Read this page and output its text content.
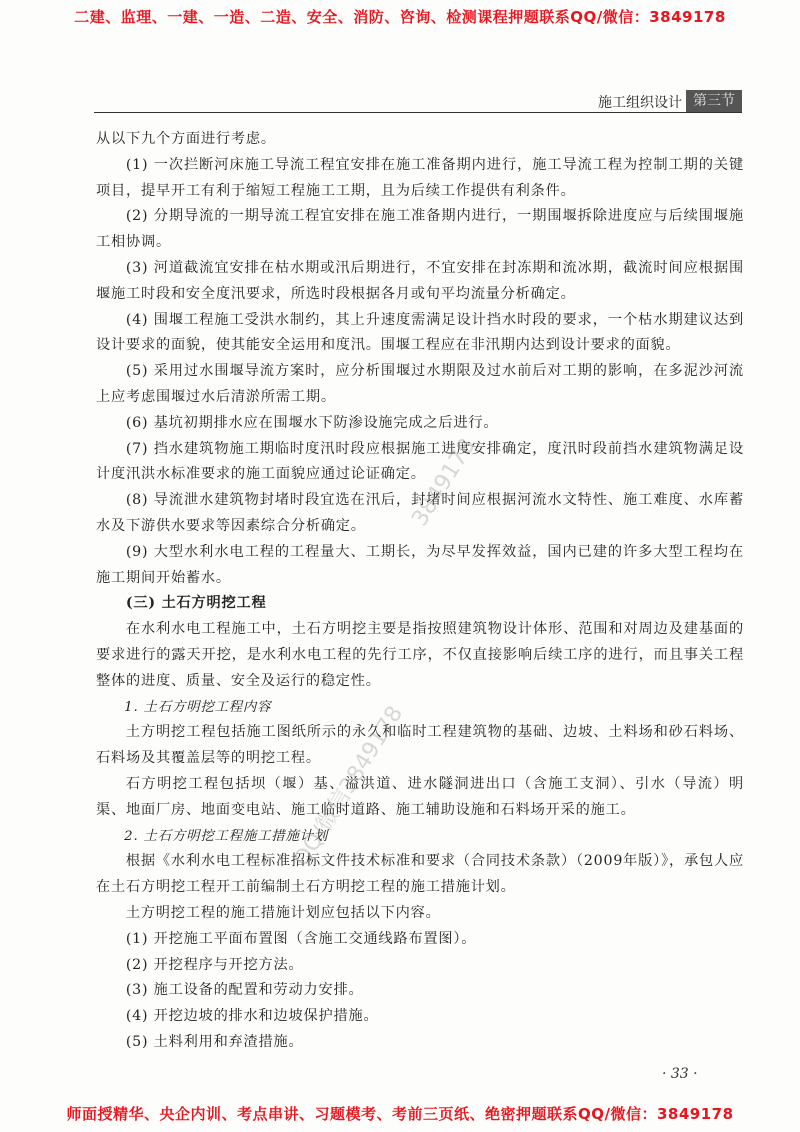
二建、监理、一建、一造、二造、安全、消防、咨询、检测课程押题联系QQ/微信：3849178
施工组织设计 第三节

从以下九个方面进行考虑。

(1) 一次拦断河床施工导流工程宜安排在施工准备期内进行，施工导流工程为控制工期的关键项目，提早开工有利于缩短工程施工工期，且为后续工作提供有利条件。

(2) 分期导流的一期导流工程宜安排在施工准备期内进行，一期围堰拆除进度应与后续围堰施工相协调。

(3) 河道截流宜安排在枯水期或汛后期进行，不宜安排在封冻期和流冰期，截流时间应根据围堰施工时段和安全度汛要求，所选时段根据各月或旬平均流量分析确定。

(4) 围堰工程施工受洪水制约，其上升速度需满足设计挡水时段的要求，一个枯水期建议达到设计要求的面貌，使其能安全运用和度汛。围堰工程应在非汛期内达到设计要求的面貌。

(5) 采用过水围堰导流方案时，应分析围堰过水期限及过水前后对工期的影响，在多泥沙河流上应考虑围堰过水后清淤所需工期。

(6) 基坑初期排水应在围堰水下防渗设施完成之后进行。

(7) 挡水建筑物施工期临时度汛时段应根据施工进度安排确定，度汛时段前挡水建筑物满足设计度汛洪水标准要求的施工面貌应通过论证确定。

(8) 导流泄水建筑物封堵时段宜选在汛后，封堵时间应根据河流水文特性、施工难度、水库蓄水及下游供水要求等因素综合分析确定。

(9) 大型水利水电工程的工程量大、工期长，为尽早发挥效益，国内已建的许多大型工程均在施工期间开始蓄水。

(三) 土石方明挖工程

在水利水电工程施工中，土石方明挖主要是指按照建筑物设计体形、范围和对周边及建基面的要求进行的露天开挖，是水利水电工程的先行工序，不仅直接影响后续工序的进行，而且事关工程整体的进度、质量、安全及运行的稳定性。

1. 土石方明挖工程内容

土方明挖工程包括施工图纸所示的永久和临时工程建筑物的基础、边坡、土料场和砂石料场、石料场及其覆盖层等的明挖工程。

石方明挖工程包括坝（堰）基、溢洪道、进水隧洞进出口（含施工支洞）、引水（导流）明渠、地面厂房、地面变电站、施工临时道路、施工辅助设施和石料场开采的施工。

2. 土石方明挖工程施工措施计划

根据《水利水电工程标准招标文件技术标准和要求（合同技术条款）（2009年版）》，承包人应在土石方明挖工程开工前编制土石方明挖工程的施工措施计划。

土方明挖工程的施工措施计划应包括以下内容。

(1) 开挖施工平面布置图（含施工交通线路布置图）。

(2) 开挖程序与开挖方法。

(3) 施工设备的配置和劳动力安排。

(4) 开挖边坡的排水和边坡保护措施。

(5) 土料利用和弃渣措施。

3849178
QQ/微信3849178
· 33 ·
师面授精华、央企内训、考点串讲、习题模考、考前三页纸、绝密押题联系QQ/微信：3849178
